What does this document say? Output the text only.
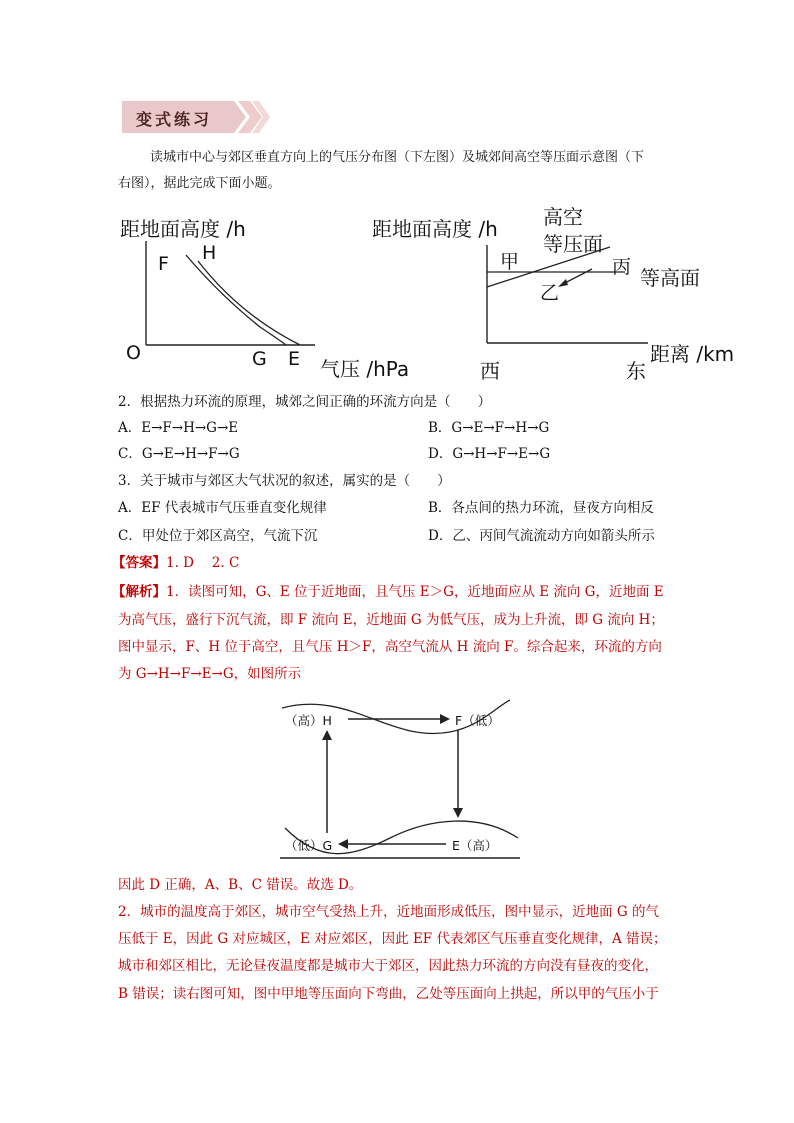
变式练习
读城市中心与郊区垂直方向上的气压分布图（下左图）及城郊间高空等压面示意图（下
右图），据此完成下面小题。
距地面高度 /h
F H
O	G E 气压 /hPa
距地面高度 /h 高空
等压面
甲	丙 等高面
乙
距离 /km
西	东
2．根据热力环流的原理，城郊之间正确的环流方向是（　　）
A．E→F→H→G→E	B．G→E→F→H→G
C．G→E→H→F→G	D．G→H→F→E→G
3．关于城市与郊区大气状况的叙述，属实的是（　　）
A．EF 代表城市气压垂直变化规律	B．各点间的热力环流，昼夜方向相反
C．甲处位于郊区高空，气流下沉	D．乙、丙间气流流动方向如箭头所示
【答案】1. D　 2. C
【解析】1．读图可知，G、E 位于近地面，且气压 E＞G，近地面应从 E 流向 G，近地面 E
为高气压，盛行下沉气流，即 F 流向 E，近地面 G 为低气压，成为上升流，即 G 流向 H；
图中显示，F、H 位于高空，且气压 H＞F，高空气流从 H 流向 F。综合起来，环流的方向
为 G→H→F→E→G，如图所示
（高）H	F（低）
（低）G	E（高）
因此 D 正确，A、B、C 错误。故选 D。
2．城市的温度高于郊区，城市空气受热上升，近地面形成低压，图中显示，近地面 G 的气
压低于 E，因此 G 对应城区，E 对应郊区，因此 EF 代表郊区气压垂直变化规律，A 错误；
城市和郊区相比，无论昼夜温度都是城市大于郊区，因此热力环流的方向没有昼夜的变化，
B 错误；读右图可知，图中甲地等压面向下弯曲，乙处等压面向上拱起，所以甲的气压小于
